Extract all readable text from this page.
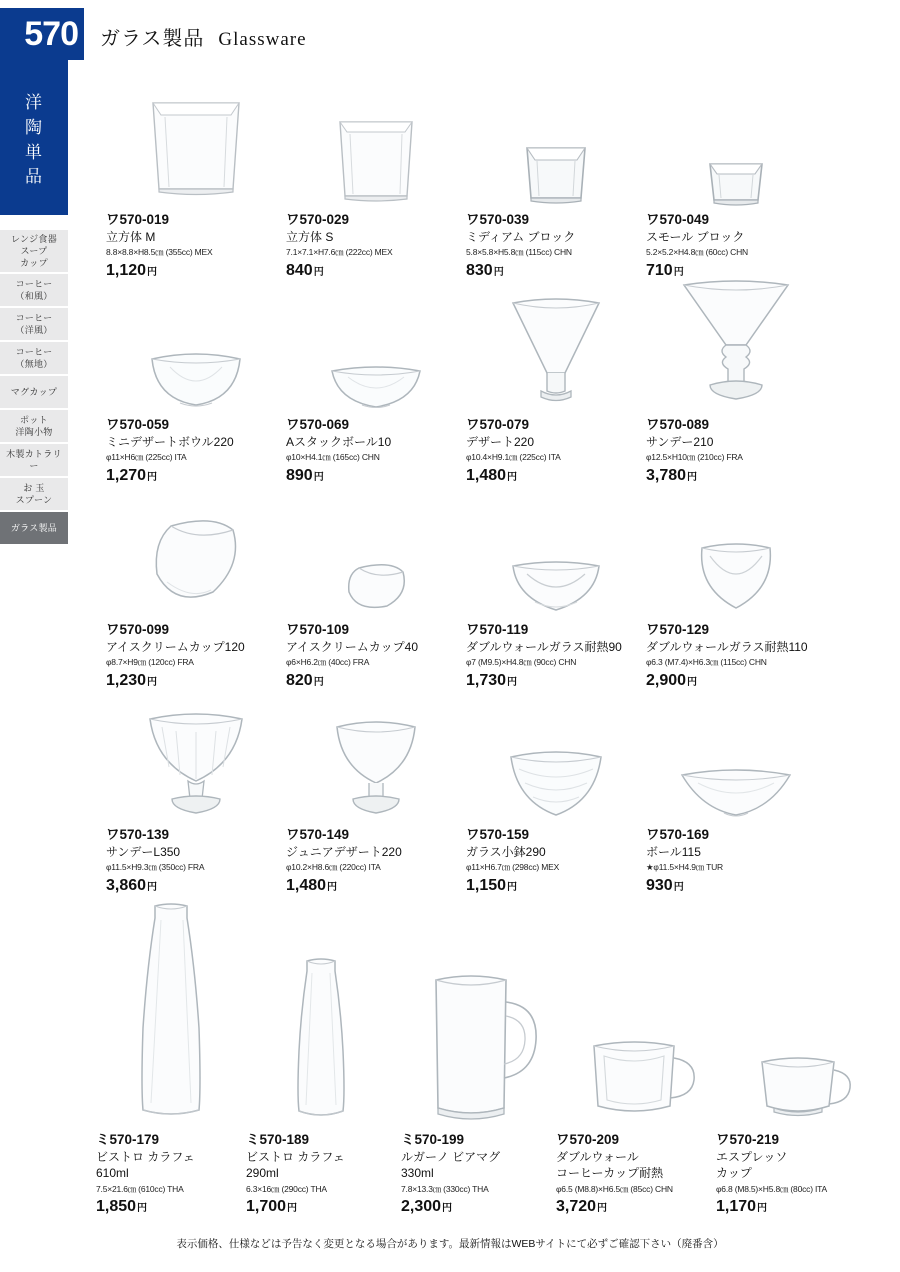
570 ガラス製品 Glassware
洋
陶
単
品
レンジ食器
スープ
カップ
コーヒー
（和風）
コーヒー
（洋風）
コーヒー
（無地）
マグカップ
ポット
洋陶小物
木製カトラリー
お 玉
スプーン
ガラス製品
ワ570-019
立方体 M
8.8×8.8×H8.5㎝ (355cc) MEX
1,120円
ワ570-029
立方体 S
7.1×7.1×H7.6㎝ (222cc) MEX
840円
ワ570-039
ミディアム ブロック
5.8×5.8×H5.8㎝ (115cc) CHN
830円
ワ570-049
スモール ブロック
5.2×5.2×H4.8㎝ (60cc) CHN
710円
ワ570-059
ミニデザートボウル220
φ11×H6㎝ (225cc) ITA
1,270円
ワ570-069
Aスタックボール10
φ10×H4.1㎝ (165cc) CHN
890円
ワ570-079
デザート220
φ10.4×H9.1㎝ (225cc) ITA
1,480円
ワ570-089
サンデー210
φ12.5×H10㎝ (210cc) FRA
3,780円
ワ570-099
アイスクリームカップ120
φ8.7×H9㎝ (120cc) FRA
1,230円
ワ570-109
アイスクリームカップ40
φ6×H6.2㎝ (40cc) FRA
820円
ワ570-119
ダブルウォールガラス耐熱90
φ7 (M9.5)×H4.8㎝ (90cc) CHN
1,730円
ワ570-129
ダブルウォールガラス耐熱110
φ6.3 (M7.4)×H6.3㎝ (115cc) CHN
2,900円
ワ570-139
サンデーL350
φ11.5×H9.3㎝ (350cc) FRA
3,860円
ワ570-149
ジュニアデザート220
φ10.2×H8.6㎝ (220cc) ITA
1,480円
ワ570-159
ガラス小鉢290
φ11×H6.7㎝ (298cc) MEX
1,150円
ワ570-169
ボール115
★φ11.5×H4.9㎝ TUR
930円
ミ570-179
ビストロ カラフェ
610ml
7.5×21.6㎝ (610cc) THA
1,850円
ミ570-189
ビストロ カラフェ
290ml
6.3×16㎝ (290cc) THA
1,700円
ミ570-199
ルガーノ ビアマグ
330ml
7.8×13.3㎝ (330cc) THA
2,300円
ワ570-209
ダブルウォール
コーヒーカップ耐熱
φ6.5 (M8.8)×H6.5㎝ (85cc) CHN
3,720円
ワ570-219
エスプレッソ
カップ
φ6.8 (M8.5)×H5.8㎝ (80cc) ITA
1,170円
表示価格、仕様などは予告なく変更となる場合があります。最新情報はWEBサイトにて必ずご確認下さい（廃番含）
